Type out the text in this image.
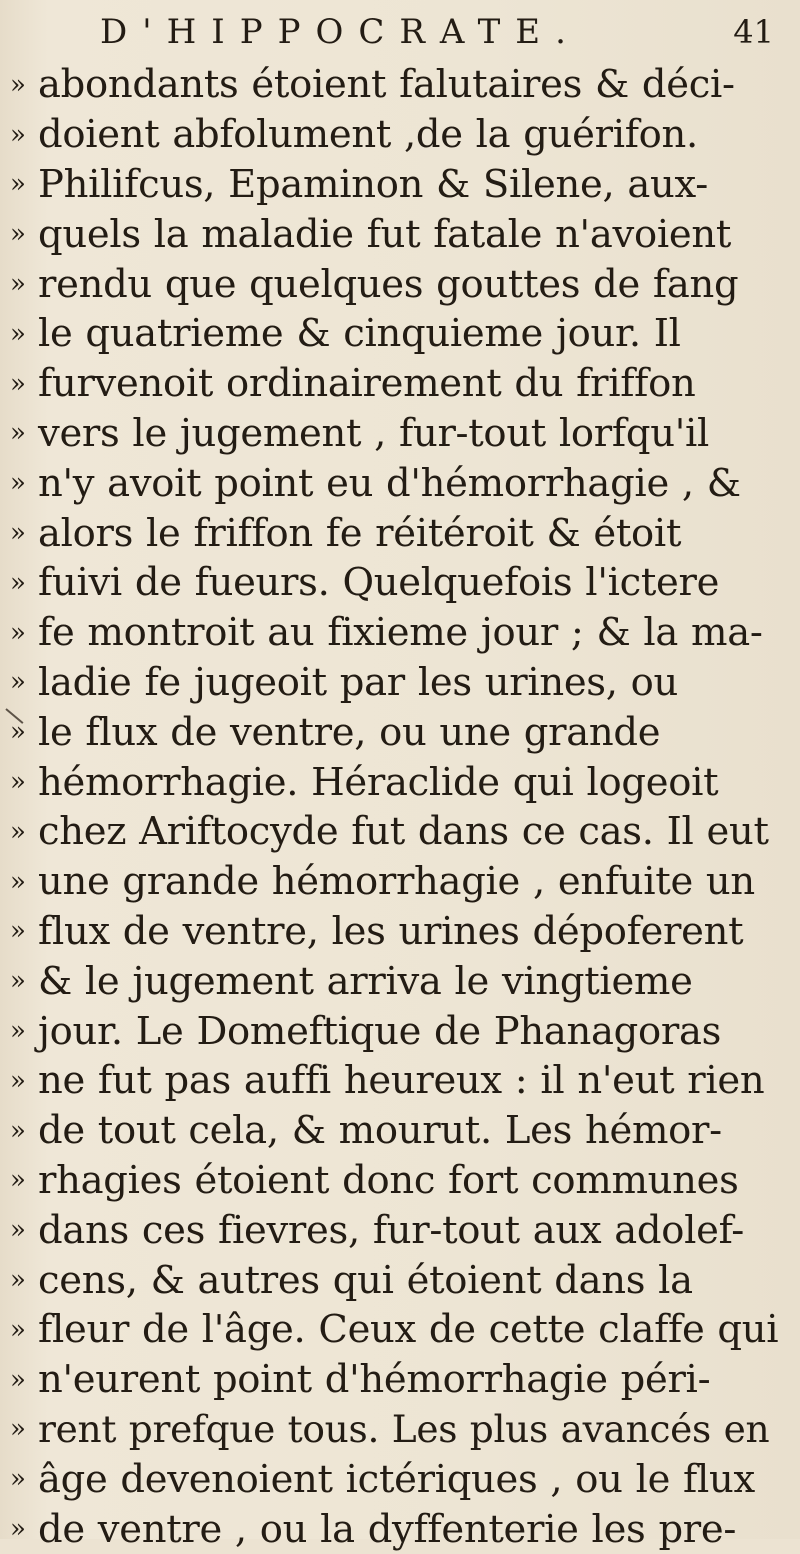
D'HIPPOCRATE.	41
» abondants étoient falutaires & déci-
» doient abfolument ,de la guérifon.
» Philifcus, Epaminon & Silene, aux-
» quels la maladie fut fatale n'avoient
» rendu que quelques gouttes de fang
» le quatrieme & cinquieme jour. Il
» furvenoit ordinairement du friffon
» vers le jugement , fur-tout lorfqu'il
» n'y avoit point eu d'hémorrhagie , &
» alors le friffon fe réitéroit & étoit
» fuivi de fueurs. Quelquefois l'ictere
» fe montroit au fixieme jour ; & la ma-
» ladie fe jugeoit par les urines, ou
» le flux de ventre, ou une grande
» hémorrhagie. Héraclide qui logeoit
» chez Ariftocyde fut dans ce cas. Il eut
» une grande hémorrhagie , enfuite un
» flux de ventre, les urines dépoferent
» & le jugement arriva le vingtieme
» jour. Le Domeftique de Phanagoras
» ne fut pas auffi heureux : il n'eut rien
» de tout cela, & mourut. Les hémor-
» rhagies étoient donc fort communes
» dans ces fievres, fur-tout aux adolef-
» cens, & autres qui étoient dans la
» fleur de l'âge. Ceux de cette claffe qui
» n'eurent point d'hémorrhagie péri-
» rent prefque tous. Les plus avancés en
» âge devenoient ictériques , ou le flux
» de ventre , ou la dyffenterie les pre-
